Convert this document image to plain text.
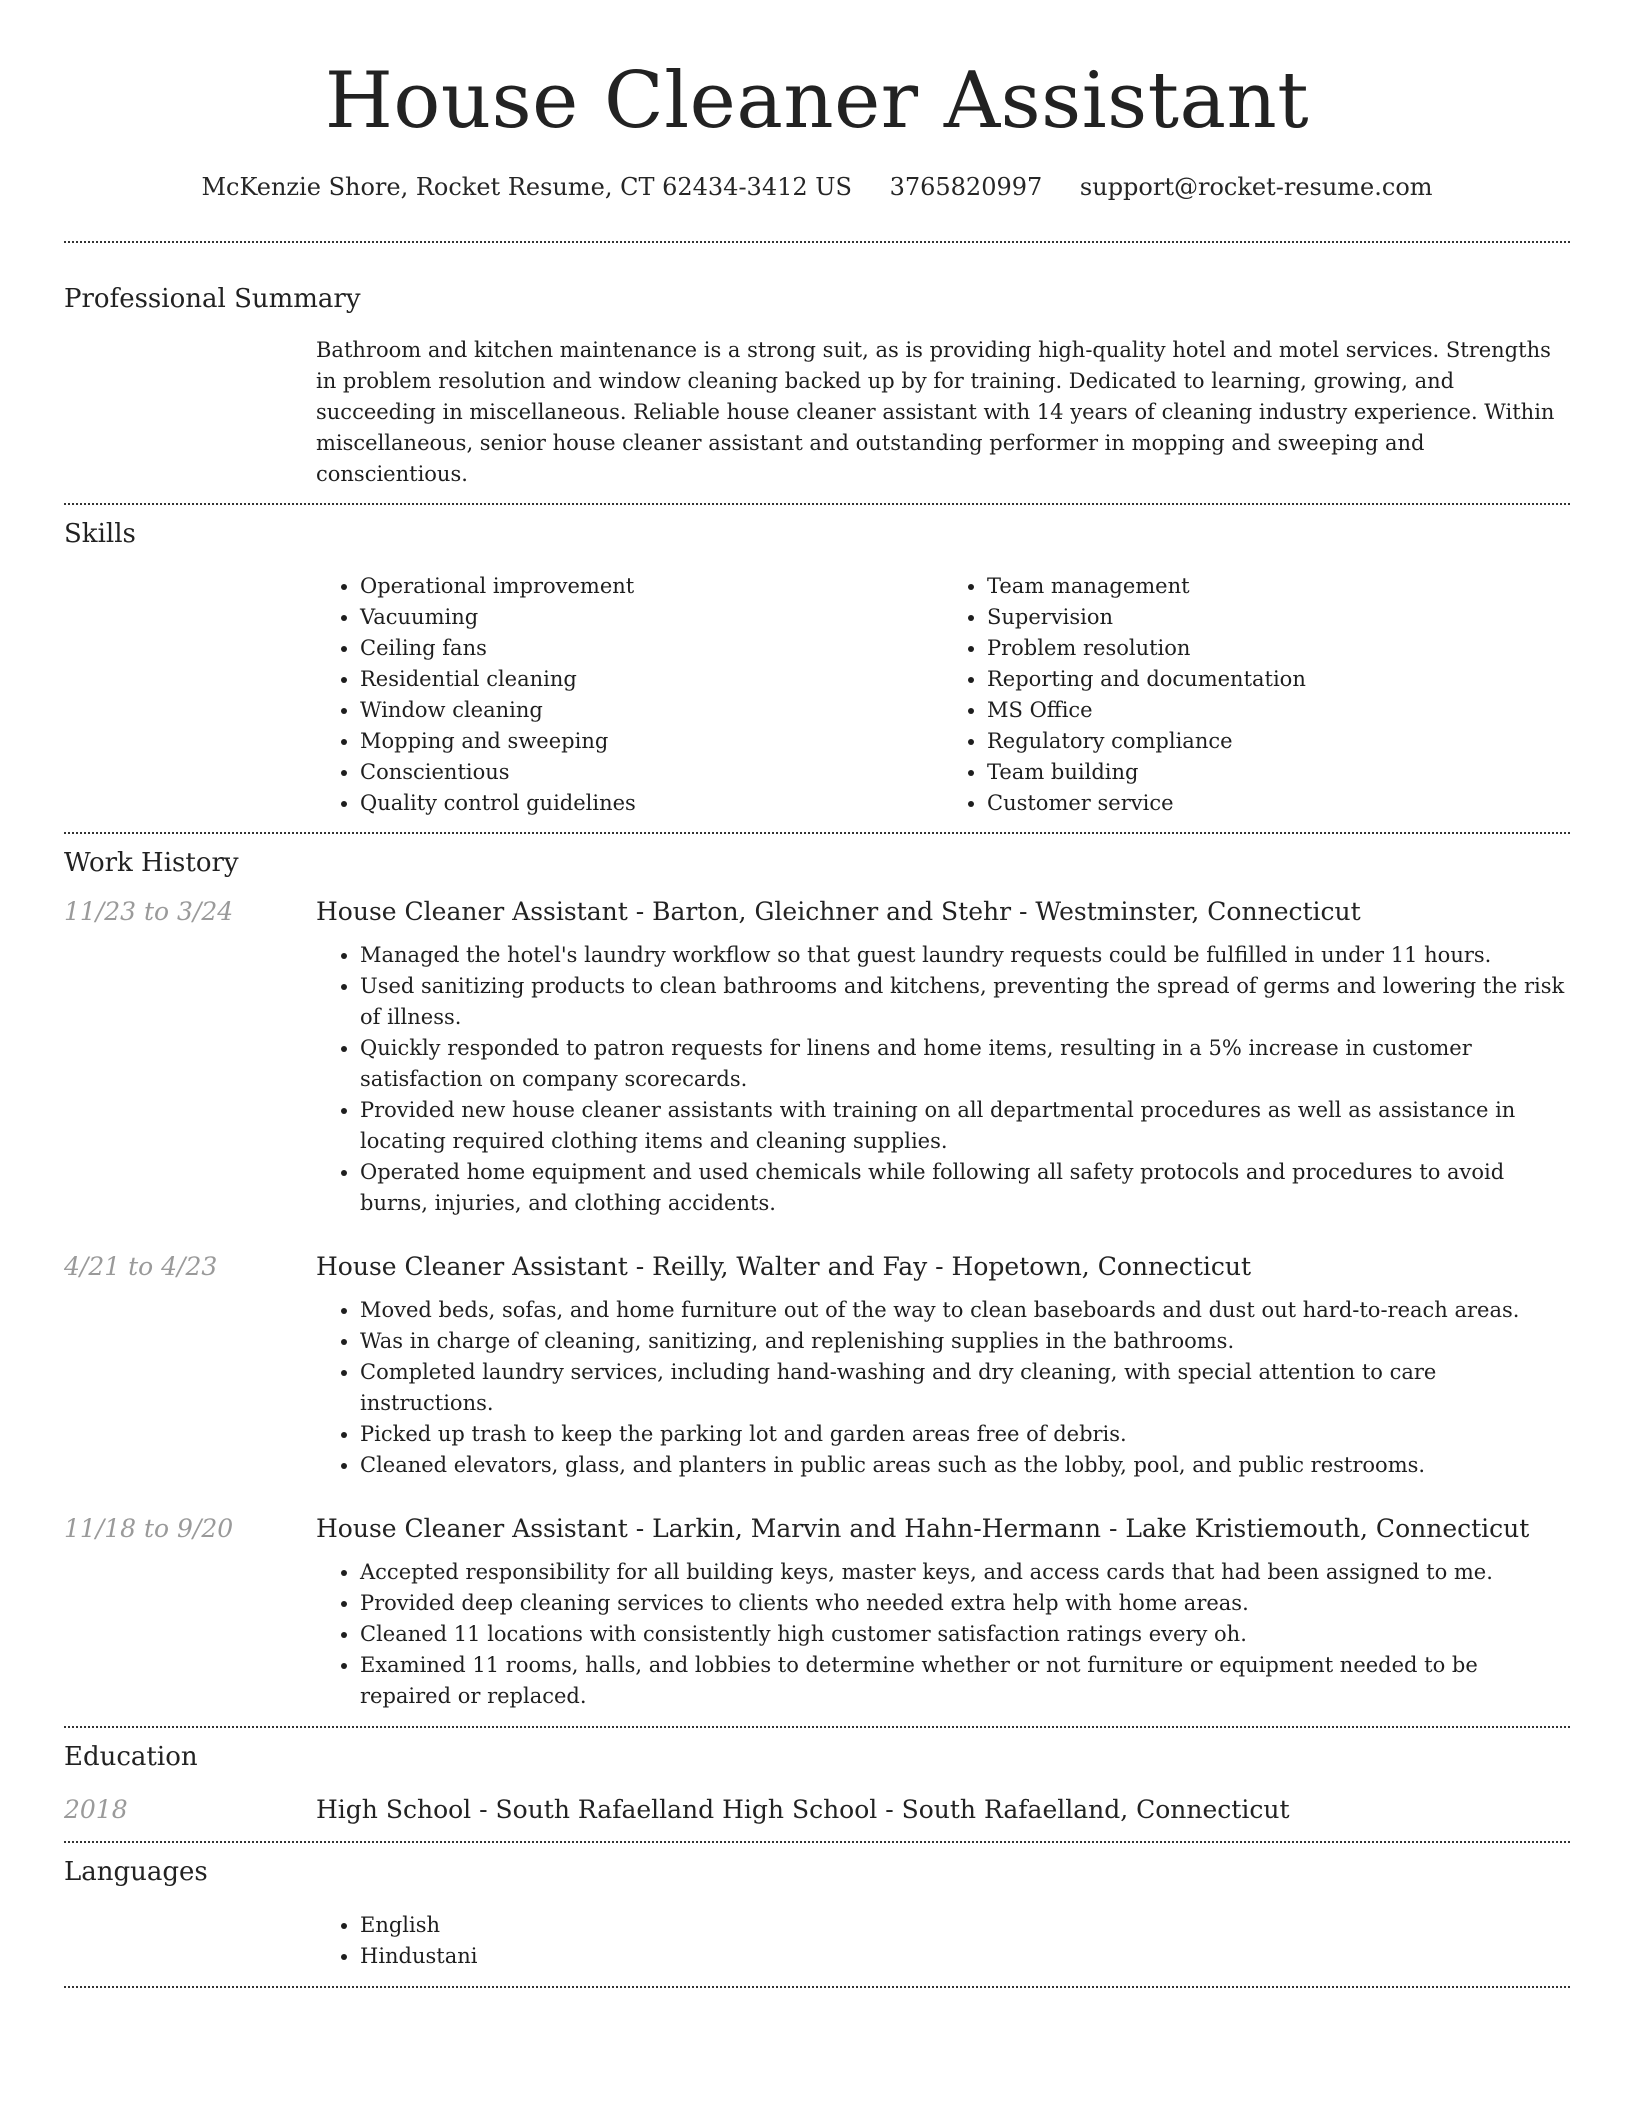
House Cleaner Assistant
McKenzie Shore, Rocket Resume, CT 62434-3412 US 3765820997 support@rocket-resume.com
Professional Summary

Bathroom and kitchen maintenance is a strong suit, as is providing high-quality hotel and motel services. Strengths in problem resolution and window cleaning backed up by for training. Dedicated to learning, growing, and succeeding in miscellaneous. Reliable house cleaner assistant with 14 years of cleaning industry experience. Within miscellaneous, senior house cleaner assistant and outstanding performer in mopping and sweeping and conscientious.

Skills
• Operational improvement
• Vacuuming
• Ceiling fans
• Residential cleaning
• Window cleaning
• Mopping and sweeping
• Conscientious
• Quality control guidelines
• Team management
• Supervision
• Problem resolution
• Reporting and documentation
• MS Office
• Regulatory compliance
• Team building
• Customer service
Work History
11/23 to 3/24	House Cleaner Assistant - Barton, Gleichner and Stehr - Westminster, Connecticut
• Managed the hotel's laundry workflow so that guest laundry requests could be fulfilled in under 11 hours.
• Used sanitizing products to clean bathrooms and kitchens, preventing the spread of germs and lowering the risk of illness.
• Quickly responded to patron requests for linens and home items, resulting in a 5% increase in customer satisfaction on company scorecards.
• Provided new house cleaner assistants with training on all departmental procedures as well as assistance in locating required clothing items and cleaning supplies.
• Operated home equipment and used chemicals while following all safety protocols and procedures to avoid burns, injuries, and clothing accidents.
4/21 to 4/23	House Cleaner Assistant - Reilly, Walter and Fay - Hopetown, Connecticut
• Moved beds, sofas, and home furniture out of the way to clean baseboards and dust out hard-to-reach areas.
• Was in charge of cleaning, sanitizing, and replenishing supplies in the bathrooms.
• Completed laundry services, including hand-washing and dry cleaning, with special attention to care instructions.
• Picked up trash to keep the parking lot and garden areas free of debris.
• Cleaned elevators, glass, and planters in public areas such as the lobby, pool, and public restrooms.
11/18 to 9/20	House Cleaner Assistant - Larkin, Marvin and Hahn-Hermann - Lake Kristiemouth, Connecticut
• Accepted responsibility for all building keys, master keys, and access cards that had been assigned to me.
• Provided deep cleaning services to clients who needed extra help with home areas.
• Cleaned 11 locations with consistently high customer satisfaction ratings every oh.
• Examined 11 rooms, halls, and lobbies to determine whether or not furniture or equipment needed to be repaired or replaced.
Education
2018	High School - South Rafaelland High School - South Rafaelland, Connecticut
Languages
• English
• Hindustani
